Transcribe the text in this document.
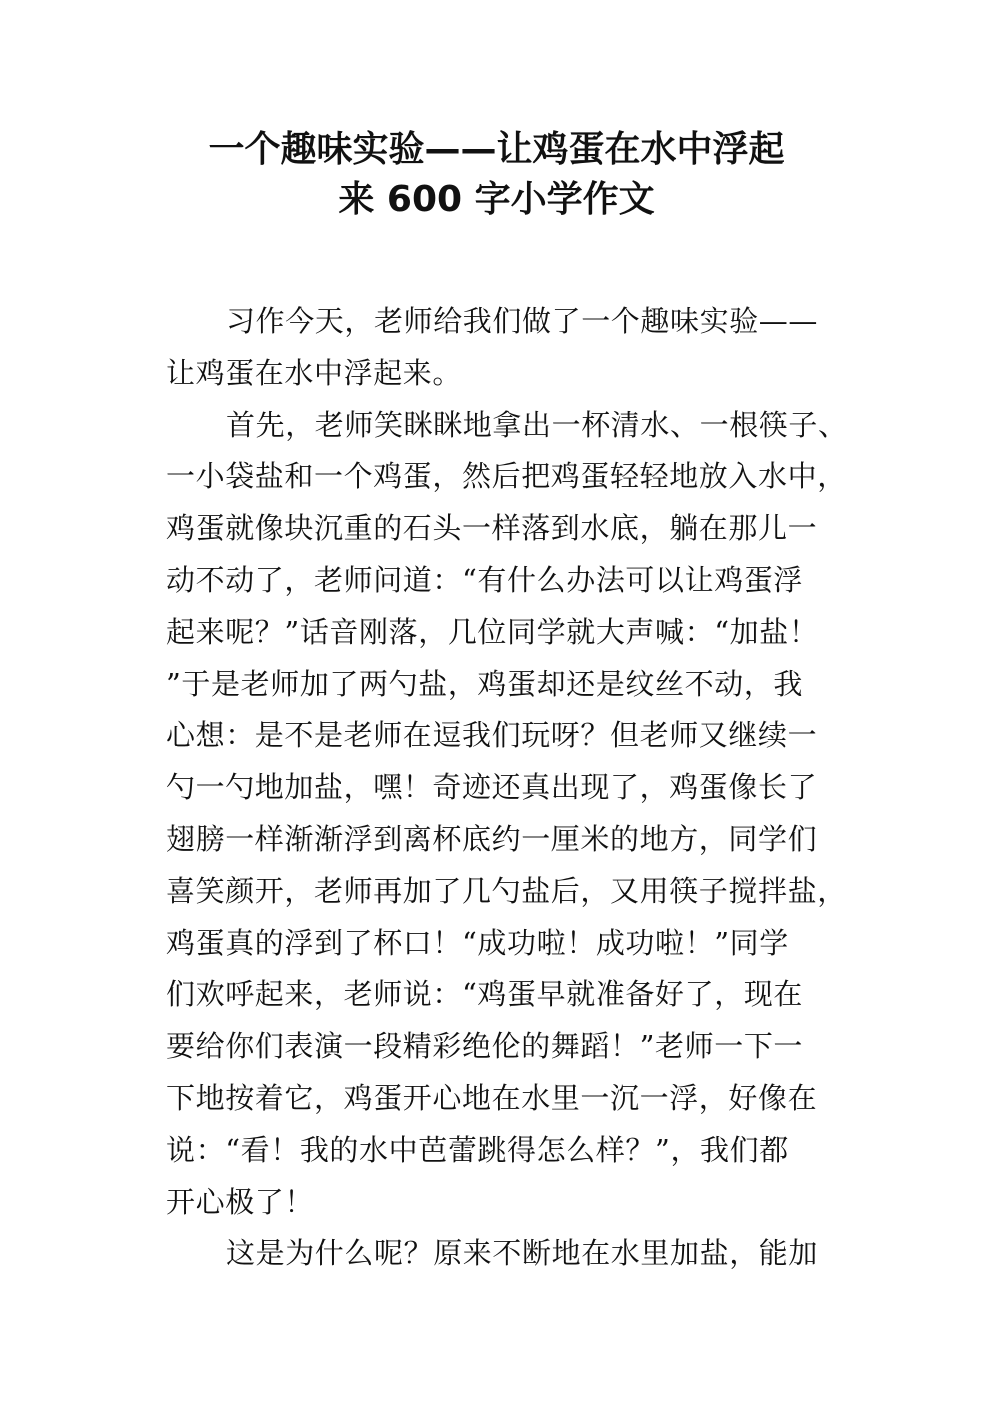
一个趣味实验——让鸡蛋在水中浮起
来 600 字小学作文
习作今天，老师给我们做了一个趣味实验——
让鸡蛋在水中浮起来。
首先，老师笑眯眯地拿出一杯清水、一根筷子、
一小袋盐和一个鸡蛋，然后把鸡蛋轻轻地放入水中，
鸡蛋就像块沉重的石头一样落到水底，躺在那儿一
动不动了，老师问道：“有什么办法可以让鸡蛋浮
起来呢？”话音刚落，几位同学就大声喊：“加盐！
”于是老师加了两勺盐，鸡蛋却还是纹丝不动，我
心想：是不是老师在逗我们玩呀？但老师又继续一
勺一勺地加盐，嘿！奇迹还真出现了，鸡蛋像长了
翅膀一样渐渐浮到离杯底约一厘米的地方，同学们
喜笑颜开，老师再加了几勺盐后，又用筷子搅拌盐，
鸡蛋真的浮到了杯口！“成功啦！成功啦！”同学
们欢呼起来，老师说：“鸡蛋早就准备好了，现在
要给你们表演一段精彩绝伦的舞蹈！”老师一下一
下地按着它，鸡蛋开心地在水里一沉一浮，好像在
说：“看！我的水中芭蕾跳得怎么样？”，我们都
开心极了！
这是为什么呢？原来不断地在水里加盐，能加
